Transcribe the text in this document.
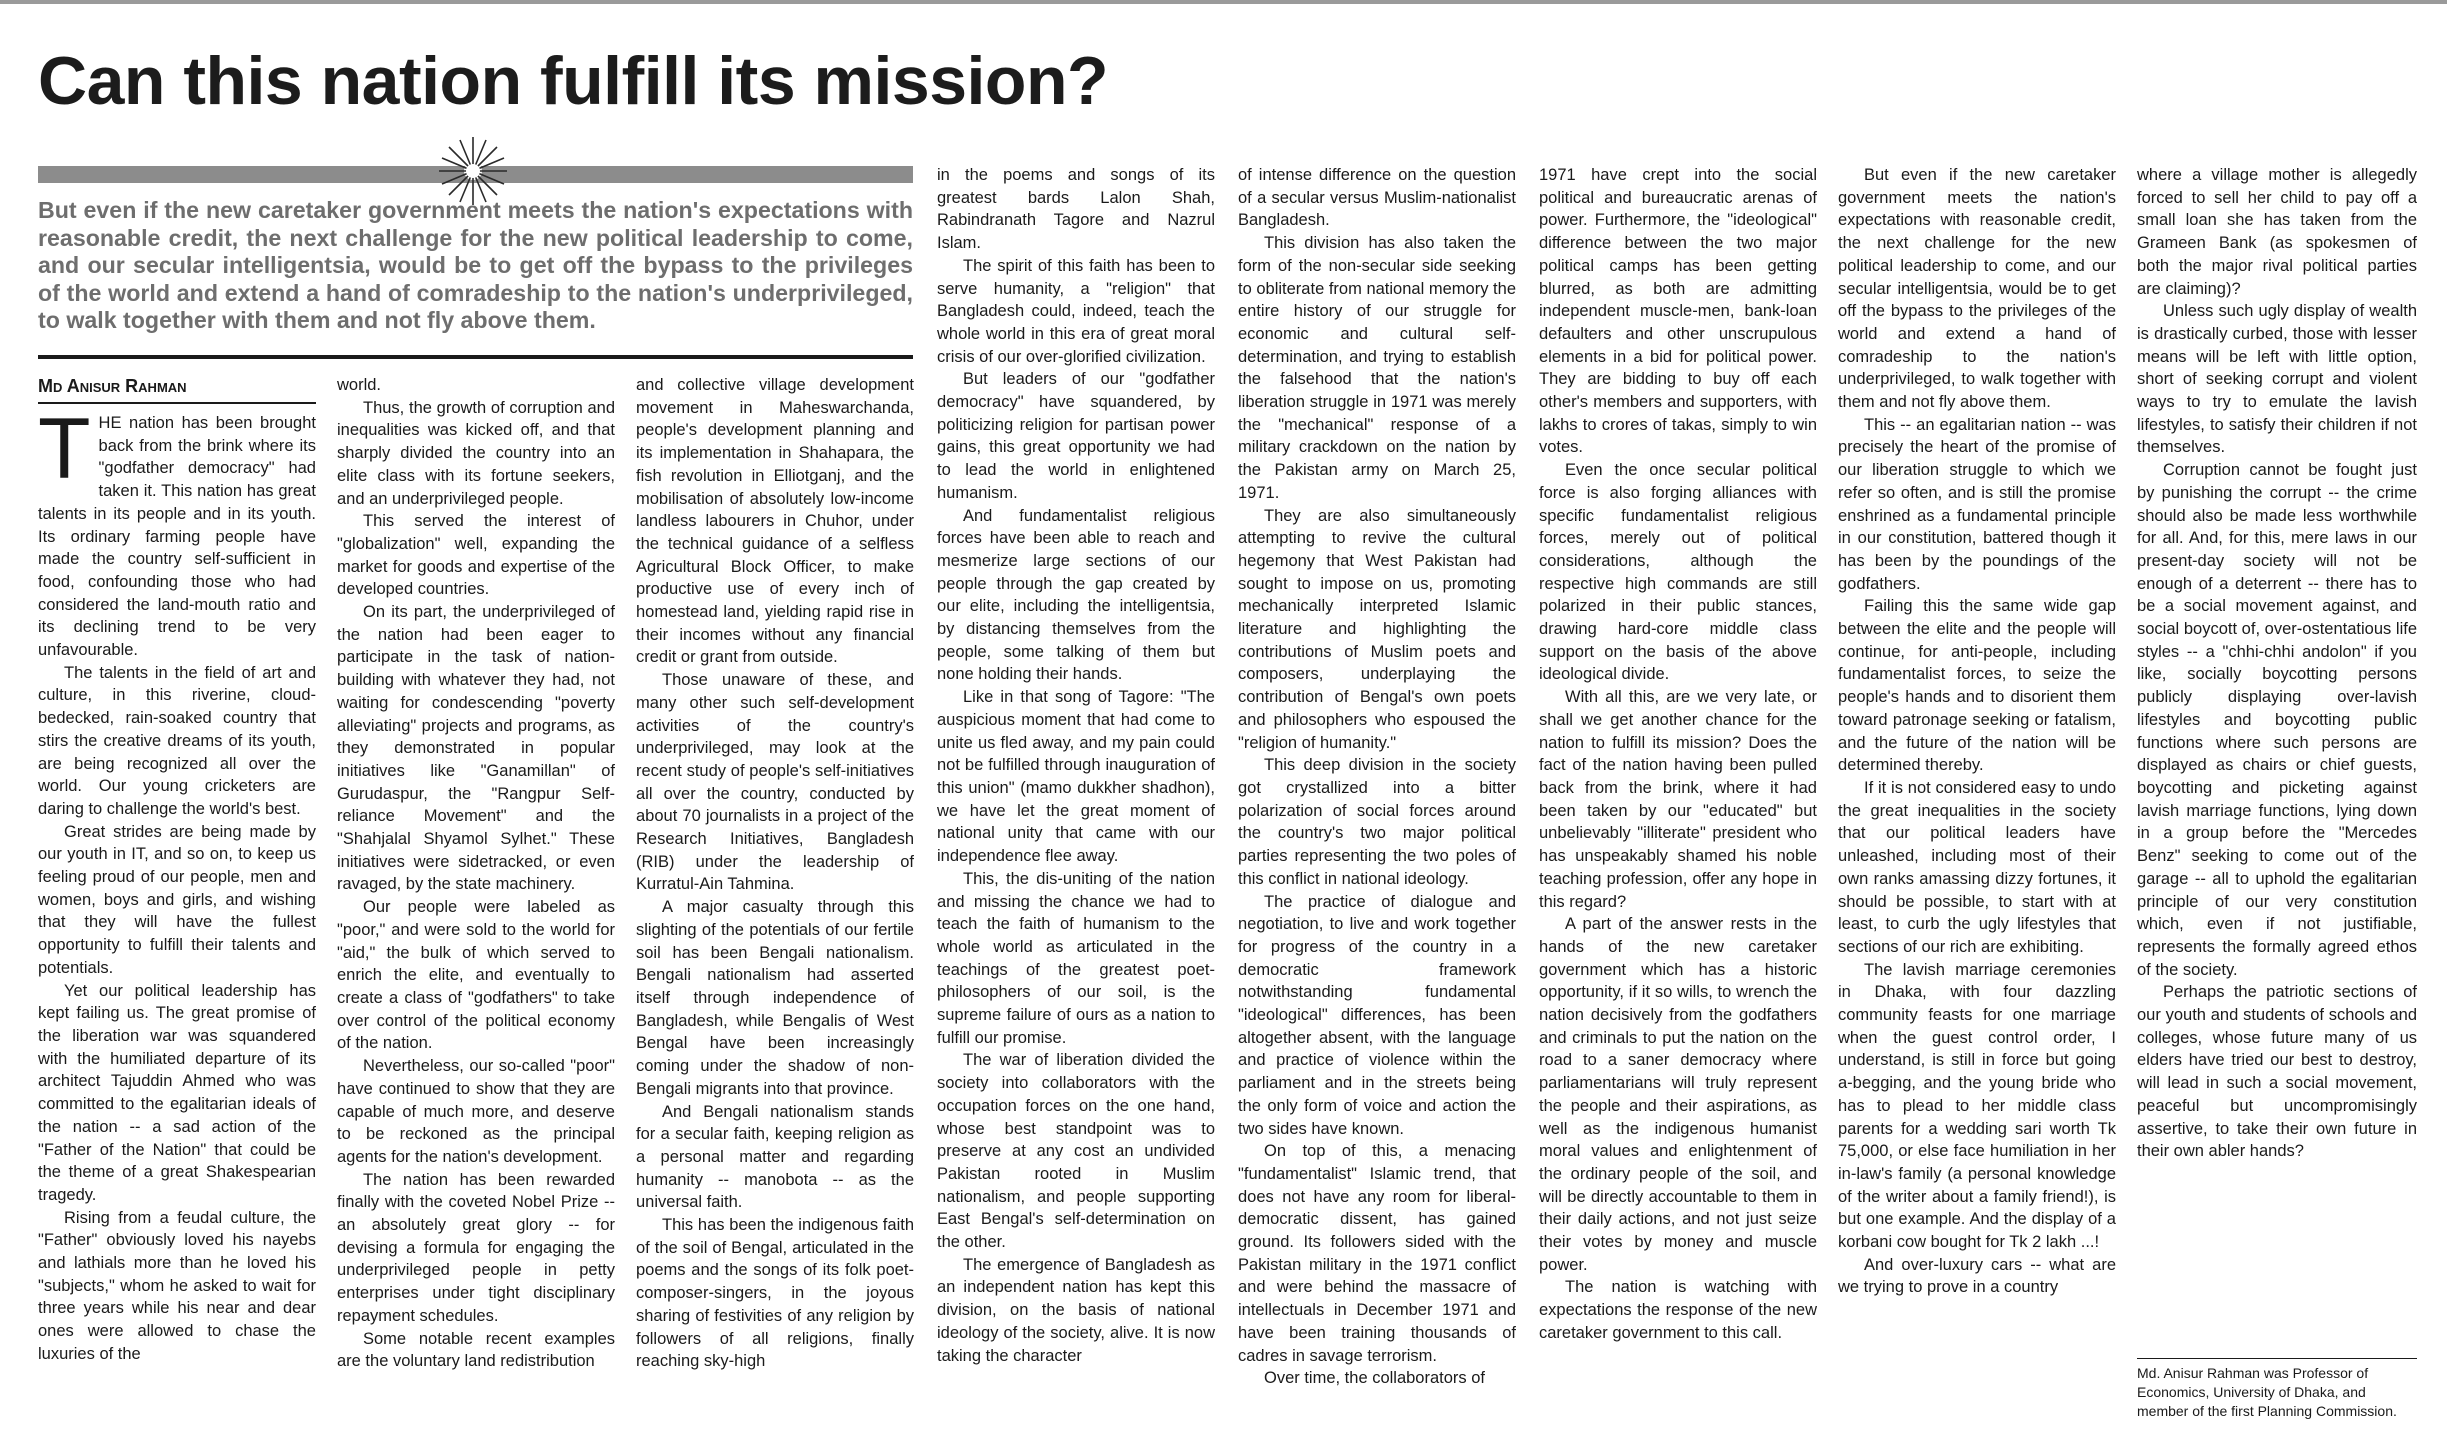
Can this nation fulfill its mission?

But even if the new caretaker government meets the nation's expectations with reasonable credit, the next challenge for the new political leadership to come, and our secular intelligentsia, would be to get off the bypass to the privileges of the world and extend a hand of comradeship to the nation's underprivileged, to walk together with them and not fly above them.

Md Anisur Rahman

THE nation has been brought back from the brink where its "godfather democracy" had taken it. This nation has great talents in its people and in its youth. Its ordinary farming people have made the country self-sufficient in food, confounding those who had considered the land-mouth ratio and its declining trend to be very unfavourable.

The talents in the field of art and culture, in this riverine, cloud-bedecked, rain-soaked country that stirs the creative dreams of its youth, are being recognized all over the world. Our young cricketers are daring to challenge the world's best.

Great strides are being made by our youth in IT, and so on, to keep us feeling proud of our people, men and women, boys and girls, and wishing that they will have the fullest opportunity to fulfill their talents and potentials.

Yet our political leadership has kept failing us. The great promise of the liberation war was squandered with the humiliated departure of its architect Tajuddin Ahmed who was committed to the egalitarian ideals of the nation -- a sad action of the "Father of the Nation" that could be the theme of a great Shakespearian tragedy.

Rising from a feudal culture, the "Father" obviously loved his nayebs and lathials more than he loved his "subjects," whom he asked to wait for three years while his near and dear ones were allowed to chase the luxuries of the

world.

Thus, the growth of corruption and inequalities was kicked off, and that sharply divided the country into an elite class with its fortune seekers, and an underprivileged people.

This served the interest of "globalization" well, expanding the market for goods and expertise of the developed countries.

On its part, the underprivileged of the nation had been eager to participate in the task of nation-building with whatever they had, not waiting for condescending "poverty alleviating" projects and programs, as they demonstrated in popular initiatives like "Ganamillan" of Gurudaspur, the "Rangpur Self-reliance Movement" and the "Shahjalal Shyamol Sylhet." These initiatives were sidetracked, or even ravaged, by the state machinery.

Our people were labeled as "poor," and were sold to the world for "aid," the bulk of which served to enrich the elite, and eventually to create a class of "godfathers" to take over control of the political economy of the nation.

Nevertheless, our so-called "poor" have continued to show that they are capable of much more, and deserve to be reckoned as the principal agents for the nation's development.

The nation has been rewarded finally with the coveted Nobel Prize -- an absolutely great glory -- for devising a formula for engaging the underprivileged people in petty enterprises under tight disciplinary repayment schedules.

Some notable recent examples are the voluntary land redistribution

and collective village development movement in Maheswarchanda, people's development planning and its implementation in Shahapara, the fish revolution in Elliotganj, and the mobilisation of absolutely low-income landless labourers in Chuhor, under the technical guidance of a selfless Agricultural Block Officer, to make productive use of every inch of homestead land, yielding rapid rise in their incomes without any financial credit or grant from outside.

Those unaware of these, and many other such self-development activities of the country's underprivileged, may look at the recent study of people's self-initiatives all over the country, conducted by about 70 journalists in a project of the Research Initiatives, Bangladesh (RIB) under the leadership of Kurratul-Ain Tahmina.

A major casualty through this slighting of the potentials of our fertile soil has been Bengali nationalism. Bengali nationalism had asserted itself through independence of Bangladesh, while Bengalis of West Bengal have been increasingly coming under the shadow of non-Bengali migrants into that province.

And Bengali nationalism stands for a secular faith, keeping religion as a personal matter and regarding humanity -- manobota -- as the universal faith.

This has been the indigenous faith of the soil of Bengal, articulated in the poems and the songs of its folk poet-composer-singers, in the joyous sharing of festivities of any religion by followers of all religions, finally reaching sky-high

in the poems and songs of its greatest bards Lalon Shah, Rabindranath Tagore and Nazrul Islam.

The spirit of this faith has been to serve humanity, a "religion" that Bangladesh could, indeed, teach the whole world in this era of great moral crisis of our over-glorified civilization.

But leaders of our "godfather democracy" have squandered, by politicizing religion for partisan power gains, this great opportunity we had to lead the world in enlightened humanism.

And fundamentalist religious forces have been able to reach and mesmerize large sections of our people through the gap created by our elite, including the intelligentsia, by distancing themselves from the people, some talking of them but none holding their hands.

Like in that song of Tagore: "The auspicious moment that had come to unite us fled away, and my pain could not be fulfilled through inauguration of this union" (mamo dukkher shadhon), we have let the great moment of national unity that came with our independence flee away.

This, the dis-uniting of the nation and missing the chance we had to teach the faith of humanism to the whole world as articulated in the teachings of the greatest poet-philosophers of our soil, is the supreme failure of ours as a nation to fulfill our promise.

The war of liberation divided the society into collaborators with the occupation forces on the one hand, whose best standpoint was to preserve at any cost an undivided Pakistan rooted in Muslim nationalism, and people supporting East Bengal's self-determination on the other.

The emergence of Bangladesh as an independent nation has kept this division, on the basis of national ideology of the society, alive. It is now taking the character

of intense difference on the question of a secular versus Muslim-nationalist Bangladesh.

This division has also taken the form of the non-secular side seeking to obliterate from national memory the entire history of our struggle for economic and cultural self-determination, and trying to establish the falsehood that the nation's liberation struggle in 1971 was merely the "mechanical" response of a military crackdown on the nation by the Pakistan army on March 25, 1971.

They are also simultaneously attempting to revive the cultural hegemony that West Pakistan had sought to impose on us, promoting mechanically interpreted Islamic literature and highlighting the contributions of Muslim poets and composers, underplaying the contribution of Bengal's own poets and philosophers who espoused the "religion of humanity."

This deep division in the society got crystallized into a bitter polarization of social forces around the country's two major political parties representing the two poles of this conflict in national ideology.

The practice of dialogue and negotiation, to live and work together for progress of the country in a democratic framework notwithstanding fundamental "ideological" differences, has been altogether absent, with the language and practice of violence within the parliament and in the streets being the only form of voice and action the two sides have known.

On top of this, a menacing "fundamentalist" Islamic trend, that does not have any room for liberal-democratic dissent, has gained ground. Its followers sided with the Pakistan military in the 1971 conflict and were behind the massacre of intellectuals in December 1971 and have been training thousands of cadres in savage terrorism.

Over time, the collaborators of

1971 have crept into the social political and bureaucratic arenas of power. Furthermore, the "ideological" difference between the two major political camps has been getting blurred, as both are admitting independent muscle-men, bank-loan defaulters and other unscrupulous elements in a bid for political power. They are bidding to buy off each other's members and supporters, with lakhs to crores of takas, simply to win votes.

Even the once secular political force is also forging alliances with specific fundamentalist religious forces, merely out of political considerations, although the respective high commands are still polarized in their public stances, drawing hard-core middle class support on the basis of the above ideological divide.

With all this, are we very late, or shall we get another chance for the nation to fulfill its mission? Does the fact of the nation having been pulled back from the brink, where it had been taken by our "educated" but unbelievably "illiterate" president who has unspeakably shamed his noble teaching profession, offer any hope in this regard?

A part of the answer rests in the hands of the new caretaker government which has a historic opportunity, if it so wills, to wrench the nation decisively from the godfathers and criminals to put the nation on the road to a saner democracy where parliamentarians will truly represent the people and their aspirations, as well as the indigenous humanist moral values and enlightenment of the ordinary people of the soil, and will be directly accountable to them in their daily actions, and not just seize their votes by money and muscle power.

The nation is watching with expectations the response of the new caretaker government to this call.

But even if the new caretaker government meets the nation's expectations with reasonable credit, the next challenge for the new political leadership to come, and our secular intelligentsia, would be to get off the bypass to the privileges of the world and extend a hand of comradeship to the nation's underprivileged, to walk together with them and not fly above them.

This -- an egalitarian nation -- was precisely the heart of the promise of our liberation struggle to which we refer so often, and is still the promise enshrined as a fundamental principle in our constitution, battered though it has been by the poundings of the godfathers.

Failing this the same wide gap between the elite and the people will continue, for anti-people, including fundamentalist forces, to seize the people's hands and to disorient them toward patronage seeking or fatalism, and the future of the nation will be determined thereby.

If it is not considered easy to undo the great inequalities in the society that our political leaders have unleashed, including most of their own ranks amassing dizzy fortunes, it should be possible, to start with at least, to curb the ugly lifestyles that sections of our rich are exhibiting.

The lavish marriage ceremonies in Dhaka, with four dazzling community feasts for one marriage when the guest control order, I understand, is still in force but going a-begging, and the young bride who has to plead to her middle class parents for a wedding sari worth Tk 75,000, or else face humiliation in her in-law's family (a personal knowledge of the writer about a family friend!), is but one example. And the display of a korbani cow bought for Tk 2 lakh ...!

And over-luxury cars -- what are we trying to prove in a country

where a village mother is allegedly forced to sell her child to pay off a small loan she has taken from the Grameen Bank (as spokesmen of both the major rival political parties are claiming)?

Unless such ugly display of wealth is drastically curbed, those with lesser means will be left with little option, short of seeking corrupt and violent ways to try to emulate the lavish lifestyles, to satisfy their children if not themselves.

Corruption cannot be fought just by punishing the corrupt -- the crime should also be made less worthwhile for all. And, for this, mere laws in our present-day society will not be enough of a deterrent -- there has to be a social movement against, and social boycott of, over-ostentatious life styles -- a "chhi-chhi andolon" if you like, socially boycotting persons publicly displaying over-lavish lifestyles and boycotting public functions where such persons are displayed as chairs or chief guests, boycotting and picketing against lavish marriage functions, lying down in a group before the "Mercedes Benz" seeking to come out of the garage -- all to uphold the egalitarian principle of our very constitution which, even if not justifiable, represents the formally agreed ethos of the society.

Perhaps the patriotic sections of our youth and students of schools and colleges, whose future many of us elders have tried our best to destroy, will lead in such a social movement, peaceful but uncompromisingly assertive, to take their own future in their own abler hands?

Md. Anisur Rahman was Professor of Economics, University of Dhaka, and member of the first Planning Commission.
